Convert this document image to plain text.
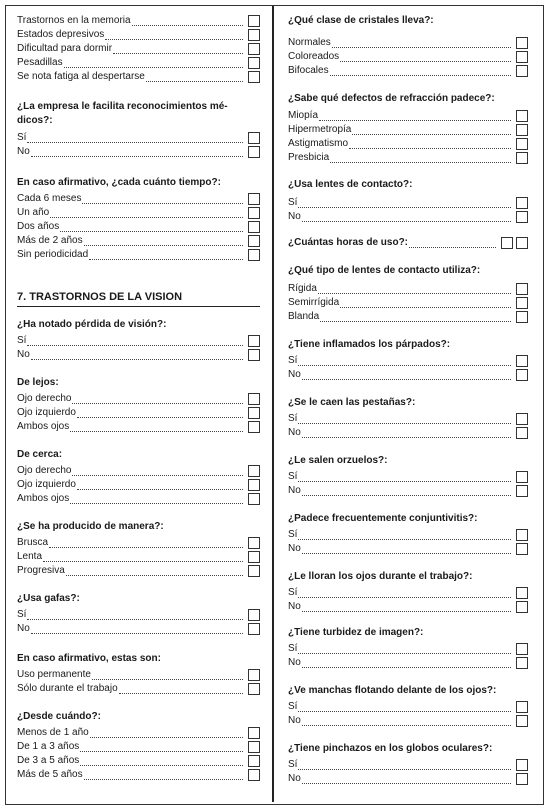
Trastornos en la memoria
Estados depresivos
Dificultad para dormir
Pesadillas
Se nota fatiga al despertarse
¿La empresa le facilita reconocimientos mé-dicos?:
Sí
No
En caso afirmativo, ¿cada cuánto tiempo?:
Cada 6 meses
Un año
Dos años
Más de 2 años
Sin periodicidad
7. TRASTORNOS DE LA VISION
¿Ha notado pérdida de visión?:
Sí
No
De lejos:
Ojo derecho
Ojo izquierdo
Ambos ojos
De cerca:
Ojo derecho
Ojo izquierdo
Ambos ojos
¿Se ha producido de manera?:
Brusca
Lenta
Progresiva
¿Usa gafas?:
Sí
No
En caso afirmativo, estas son:
Uso permanente
Sólo durante el trabajo
¿Desde cuándo?:
Menos de 1 año
De 1 a 3 años
De 3 a 5 años
Más de 5 años
¿Qué clase de cristales lleva?:
Normales
Coloreados
Bifocales
¿Sabe qué defectos de refracción padece?:
Miopía
Hipermetropía
Astigmatismo
Presbicia
¿Usa lentes de contacto?:
Sí
No
¿Cuántas horas de uso?:
¿Qué tipo de lentes de contacto utiliza?:
Rígida
Semirrígida
Blanda
¿Tiene inflamados los párpados?:
Sí
No
¿Se le caen las pestañas?:
Sí
No
¿Le salen orzuelos?:
Sí
No
¿Padece frecuentemente conjuntivitis?:
Sí
No
¿Le lloran los ojos durante el trabajo?:
Sí
No
¿Tiene turbidez de imagen?:
Sí
No
¿Ve manchas flotando delante de los ojos?:
Sí
No
¿Tiene pinchazos en los globos oculares?:
Sí
No
